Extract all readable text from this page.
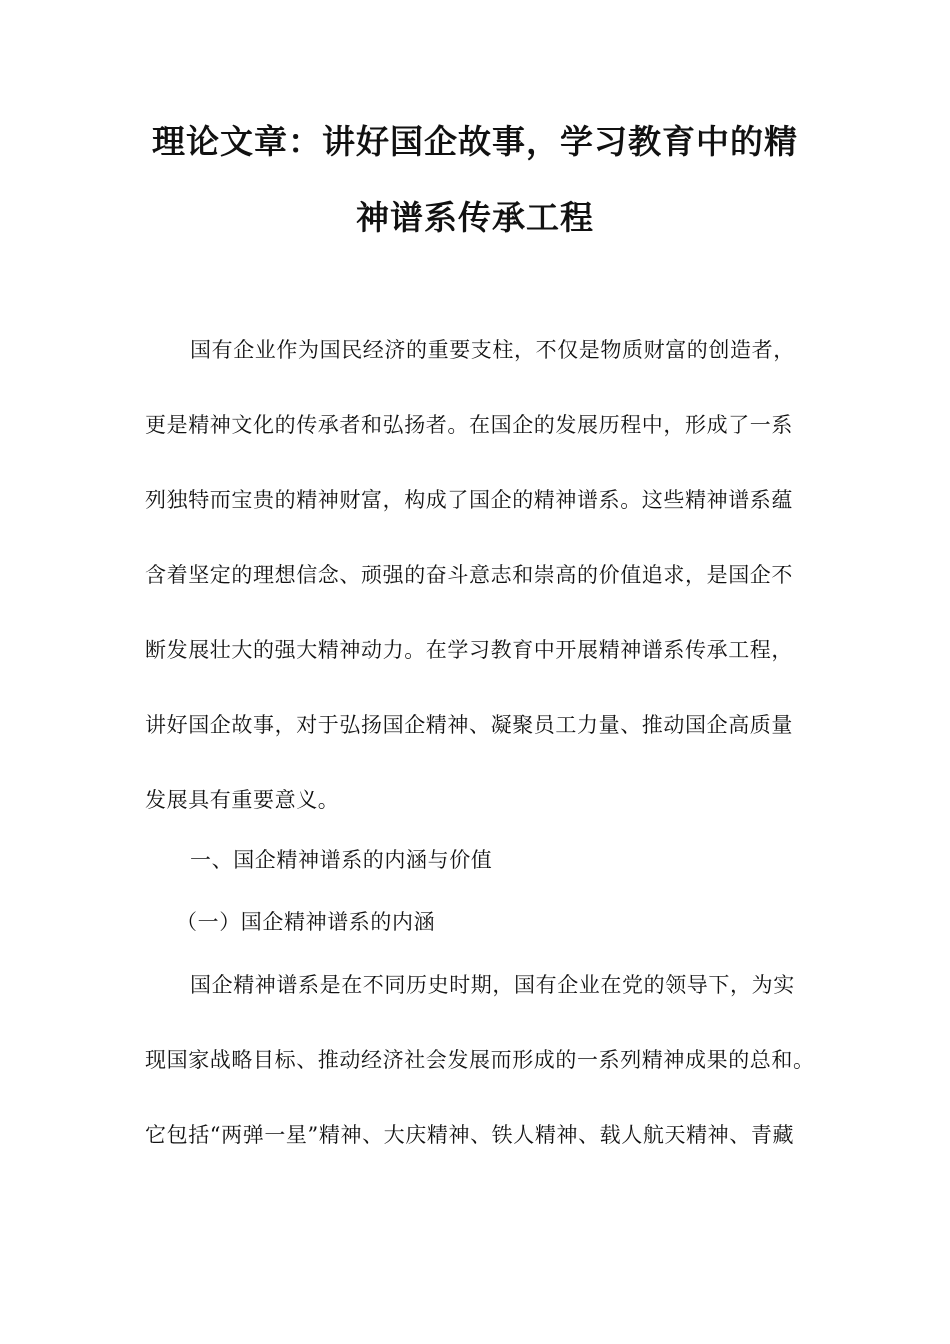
理论文章：讲好国企故事，学习教育中的精
神谱系传承工程
国有企业作为国民经济的重要支柱，不仅是物质财富的创造者，
更是精神文化的传承者和弘扬者。在国企的发展历程中，形成了一系
列独特而宝贵的精神财富，构成了国企的精神谱系。这些精神谱系蕴
含着坚定的理想信念、顽强的奋斗意志和崇高的价值追求，是国企不
断发展壮大的强大精神动力。在学习教育中开展精神谱系传承工程，
讲好国企故事，对于弘扬国企精神、凝聚员工力量、推动国企高质量
发展具有重要意义。
一、国企精神谱系的内涵与价值
（一）国企精神谱系的内涵
国企精神谱系是在不同历史时期，国有企业在党的领导下，为实
现国家战略目标、推动经济社会发展而形成的一系列精神成果的总和。
它包括“两弹一星”精神、大庆精神、铁人精神、载人航天精神、青藏
